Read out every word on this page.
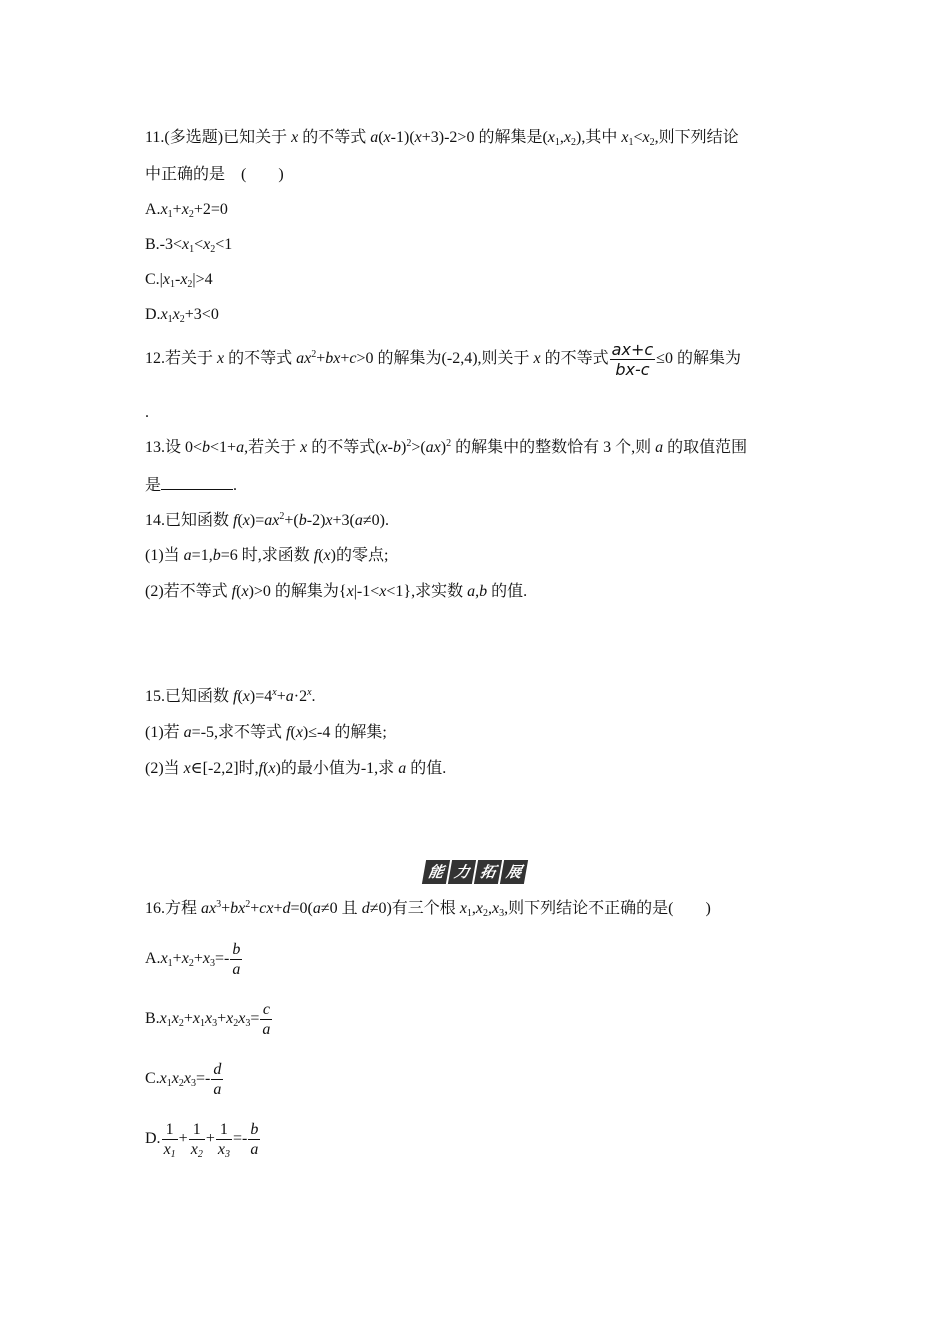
11.(多选题)已知关于 x 的不等式 a(x-1)(x+3)-2>0 的解集是$(x_1,x_2)$,其中 $x_1<x_2$,则下列结论
中正确的是　(　　)
$A.x_1+x_2+2=0$
$B.-3<x_1<x_2<1$
$C.|x_1-x_2|>4$
$D.x_1x_2+3<0$
12.若关于 x 的不等式 $ax^2+bx+c>0$ 的解集为(-2,4),则关于 x 的不等式 $\frac{ax+c}{bx-c} \le 0$ 的解集为
.
13.设 0<b<1+a,若关于 x 的不等式$(x-b)^2>(ax)^2$ 的解集中的整数恰有 3 个,则 a 的取值范围
是	.
14.已知函数 $f(x)=ax^2+(b-2)x+3(a\ne 0)$.
(1)当 a=1,b=6 时,求函数 f(x)的零点;
(2)若不等式 f(x)>0 的解集为{x|-1<x<1},求实数 a,b 的值.
15.已知函数 $f(x)=4^x+a\cdot 2^x$.
(1)若 a=-5,求不等式 f(x)≤-4 的解集;
(2)当 x∈[-2,2]时,f(x)的最小值为-1,求 a 的值.
能 力 拓 展
16.方程 $ax^3+bx^2+cx+d=0(a\ne 0$ 且 d≠0)有三个根 $x_1,x_2,x_3$,则下列结论不正确的是(　　)
$A.x_1+x_2+x_3=- \frac{b}{a}$
$B.x_1x_2+x_1x_3+x_2x_3= \frac{c}{a}$
$C.x_1x_2x_3=- \frac{d}{a}$
D. $\frac{1}{x_1} + \frac{1}{x_2} + \frac{1}{x_3} =- \frac{b}{a}$
